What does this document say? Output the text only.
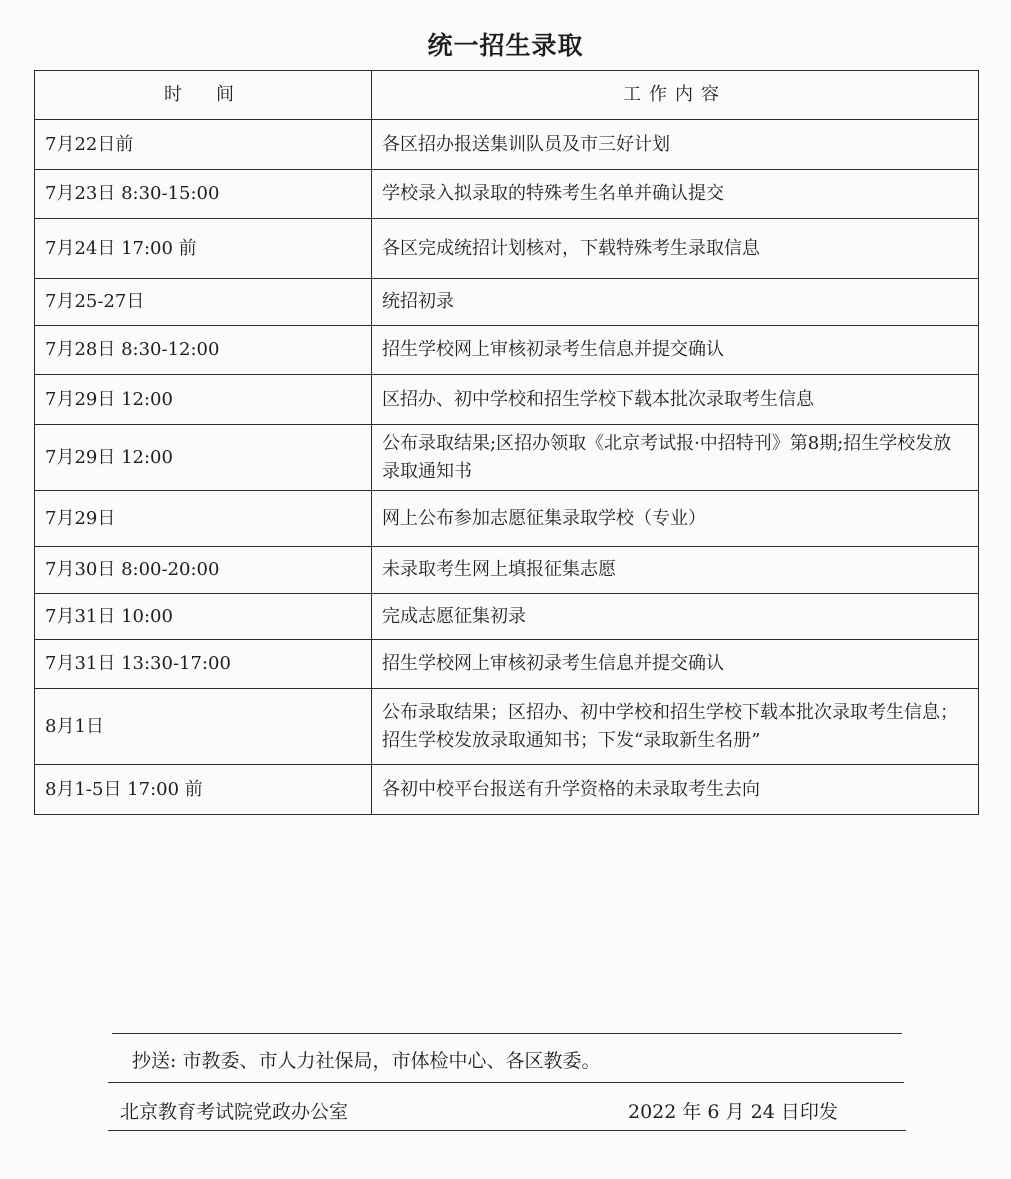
统一招生录取
时　间	工作内容
7月22日前	各区招办报送集训队员及市三好计划
7月23日 8:30-15:00	学校录入拟录取的特殊考生名单并确认提交
7月24日 17:00 前	各区完成统招计划核对，下载特殊考生录取信息
7月25-27日	统招初录
7月28日 8:30-12:00	招生学校网上审核初录考生信息并提交确认
7月29日 12:00	区招办、初中学校和招生学校下载本批次录取考生信息
7月29日 12:00	公布录取结果;区招办领取《北京考试报·中招特刊》第8期;招生学校发放录取通知书
7月29日	网上公布参加志愿征集录取学校（专业）
7月30日 8:00-20:00	未录取考生网上填报征集志愿
7月31日 10:00	完成志愿征集初录
7月31日 13:30-17:00	招生学校网上审核初录考生信息并提交确认
8月1日	公布录取结果；区招办、初中学校和招生学校下载本批次录取考生信息；招生学校发放录取通知书；下发“录取新生名册”
8月1-5日 17:00 前	各初中校平台报送有升学资格的未录取考生去向
抄送: 市教委、市人力社保局，市体检中心、各区教委。
北京教育考试院党政办公室	2022 年 6 月 24 日印发
